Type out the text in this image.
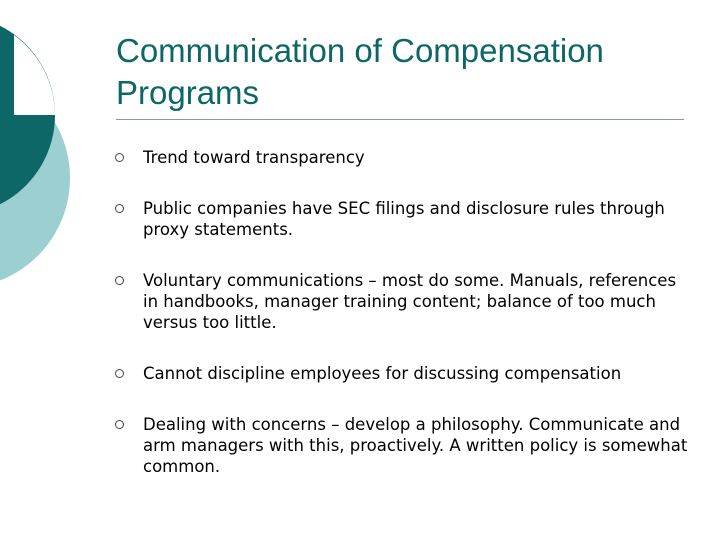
Communication of Compensation Programs
Trend toward transparency
Public companies have SEC filings and disclosure rules through proxy statements.
Voluntary communications – most do some. Manuals, references in handbooks, manager training content; balance of too much versus too little.
Cannot discipline employees for discussing compensation
Dealing with concerns – develop a philosophy. Communicate and arm managers with this, proactively. A written policy is somewhat common.
